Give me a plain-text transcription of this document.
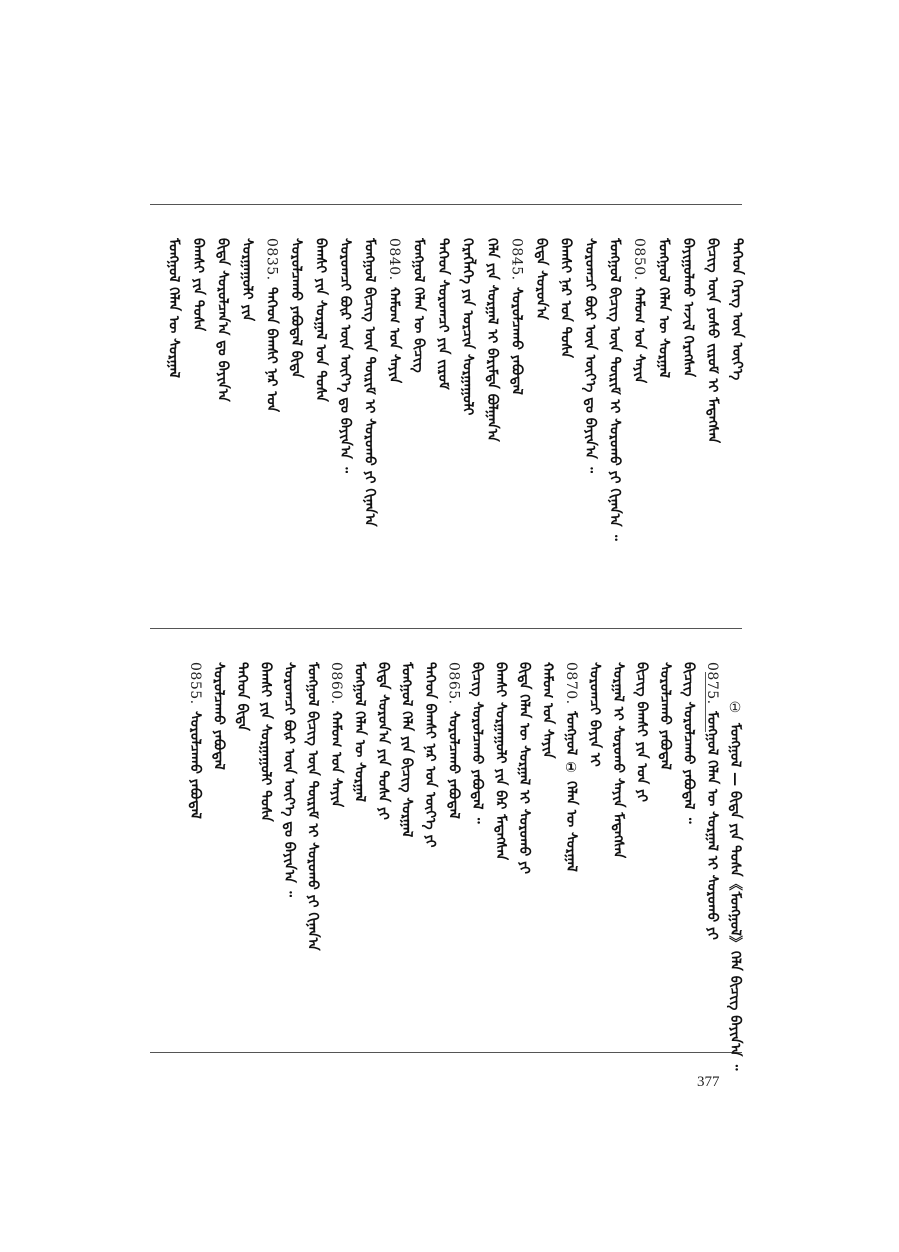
ᠲᠡᠭᠡᠳ ᠬᠡᠷᠡᠭ ᠦᠨ ᠦᠶ᠎ᠡ
ᠪᠢᠴᠢᠭ᠌ ᠦᠨ ᠶᠣᠰᠣ ᠵᠢᠷᠤᠮ ᠢ ᠮᠡᠳᠡᠭᠰᠡᠨ
ᠪᠠᠶᠢᠭᠤᠯᠬᠤ ᠠᠵᠢᠯ ᠬᠡᠷᠡᠭᠰᠡᠨ
ᠮᠣᠩᠭᠣᠯ ᠬᠡᠯᠡᠨ ᠦ ᠰᠤᠷᠭᠠᠯ
0850.
ᠬᠠᠮᠤᠭ ᠤᠨ ᠰᠠᠶᠢᠨ
ᠮᠣᠩᠭᠣᠯ ᠪᠢᠴᠢᠭ ᠦᠨ ᠳᠦᠷᠢᠮ ᠢ ᠰᠤᠷᠤᠬᠤ ᠶᠢ ᠬᠢᠨᠠᠨ᠎ᠠ ᠃
ᠰᠤᠷᠤᠭᠴᠢ ᠪᠦᠷ ᠦᠨ ᠦᠶ᠎ᠡ ᠳᠤ ᠪᠠᠶᠢᠨ᠎ᠠ ᠃
ᠪᠠᠭᠰᠢ ᠨᠠᠷ ᠤᠨ ᠲᠤᠰᠠ
ᠪᠢᠳᠡ ᠰᠤᠷᠤᠨ᠎ᠠ
0845.
ᠰᠤᠷᠤᠯᠴᠠᠬᠤ ᠶᠠᠪᠤᠳᠠᠯ
ᠬᠡᠯᠡ ᠶᠢᠨ ᠰᠤᠷᠭᠠᠯ ᠢ ᠪᠠᠷᠢᠮᠲᠠ ᠪᠣᠯᠭᠠᠨ᠎ᠠ
ᠬᠡᠷᠡᠭᠯᠡᠭᠡ ᠶᠢᠨ ᠤᠷᠴᠢᠨ ᠰᠤᠷᠭᠠᠭᠤᠯᠢ
ᠲᠡᠭᠡᠳ ᠰᠤᠷᠤᠭᠴᠢ ᠶᠢᠨ ᠵᠢᠷᠤᠮ
ᠮᠣᠩᠭᠣᠯ ᠬᠡᠯᠡᠨ ᠦ ᠪᠢᠴᠢᠭ
0840.
ᠬᠠᠮᠤᠭ ᠤᠨ ᠰᠠᠶᠢᠨ
ᠮᠣᠩᠭᠣᠯ ᠪᠢᠴᠢᠭ ᠦᠨ ᠳᠦᠷᠢᠮ ᠢ ᠰᠤᠷᠤᠬᠤ ᠶᠢ ᠬᠢᠨᠠᠨ᠎ᠠ
ᠰᠤᠷᠤᠭᠴᠢ ᠪᠦᠷ ᠦᠨ ᠦᠶ᠎ᠡ ᠳᠤ ᠪᠠᠶᠢᠨ᠎ᠠ ᠃
ᠪᠠᠭᠰᠢ ᠶᠢᠨ ᠰᠤᠷᠭᠠᠯ ᠤᠨ ᠲᠤᠰᠠ
ᠰᠤᠷᠤᠯᠴᠠᠬᠤ ᠶᠠᠪᠤᠳᠠᠯ ᠪᠢᠳᠡ
0835.
ᠲᠡᠭᠡᠳ ᠪᠠᠭᠰᠢ ᠨᠠᠷ ᠤᠨ
ᠰᠤᠷᠭᠠᠭᠤᠯᠢ ᠶᠢᠨ
ᠪᠢᠳᠡ ᠰᠤᠷᠤᠯᠴᠠᠨ᠎ᠠ ᠳᠤ ᠪᠠᠶᠢᠨ᠎ᠠ
ᠪᠠᠭᠰᠢ ᠶᠢᠨ ᠲᠤᠰᠠ
ᠮᠣᠩᠭᠣᠯ ᠬᠡᠯᠡᠨ ᠦ ᠰᠤᠷᠭᠠᠯ
0875.
ᠮᠣᠩᠭᠣᠯ ᠬᠡᠯᠡᠨ ᠦ ᠰᠤᠷᠭᠠᠯ ᠢ ᠰᠤᠷᠤᠬᠤ ᠶᠢ
ᠪᠢᠴᠢᠭ᠌ ᠰᠤᠷᠤᠯᠴᠠᠬᠤ ᠶᠠᠪᠤᠳᠠᠯ ᠃
ᠰᠤᠷᠤᠯᠴᠠᠬᠤ ᠶᠠᠪᠤᠳᠠᠯ
ᠪᠢᠴᠢᠭ᠌ ᠪᠠᠭᠰᠢ ᠶᠢᠨ ᠤᠨ ᠶᠢ
ᠰᠤᠷᠭᠠᠯ ᠢ ᠰᠤᠷᠤᠬᠤ ᠰᠠᠶᠢᠨ ᠮᠡᠳᠡᠭᠰᠡᠨ
ᠰᠤᠷᠤᠭᠴᠢ ᠪᠠᠶᠢᠨ ᠢ
0870.
ᠮᠣᠩᠭᠣᠯ ① ᠬᠡᠯᠡᠨ ᠦ ᠰᠤᠷᠭᠠᠯ
ᠬᠠᠮᠤᠭ ᠤᠨ ᠰᠠᠶᠢᠨ
ᠪᠢᠳᠡ ᠬᠡᠯᠡᠨ ᠦ ᠰᠤᠷᠭᠠᠯ ᠢ ᠰᠤᠷᠤᠬᠤ ᠶᠢ
ᠪᠠᠭᠰᠢ ᠰᠤᠷᠭᠠᠭᠤᠯᠢ ᠶᠢᠨ ᠪᠠᠷ ᠮᠡᠳᠡᠭᠰᠡᠨ
ᠪᠢᠴᠢᠭ᠌ ᠰᠤᠷᠤᠯᠴᠠᠬᠤ ᠶᠠᠪᠤᠳᠠᠯ ᠃
0865.
ᠰᠤᠷᠤᠯᠴᠠᠬᠤ ᠶᠠᠪᠤᠳᠠᠯ
ᠲᠡᠭᠡᠳ ᠪᠠᠭᠰᠢ ᠨᠠᠷ ᠤᠨ ᠦᠶ᠎ᠡ ᠶᠢ
ᠮᠣᠩᠭᠣᠯ ᠬᠡᠯᠡ ᠶᠢᠨ ᠪᠢᠴᠢᠭ᠌ ᠰᠤᠷᠭᠠᠯ
ᠪᠢᠳᠡ ᠰᠤᠷᠤᠨ᠎ᠠ ᠶᠢᠨ ᠲᠤᠰᠠ ᠶᠢ
ᠮᠣᠩᠭᠣᠯ ᠬᠡᠯᠡᠨ ᠦ ᠰᠤᠷᠭᠠᠯ
0860.
ᠬᠠᠮᠤᠭ ᠤᠨ ᠰᠠᠶᠢᠨ
ᠮᠣᠩᠭᠣᠯ ᠪᠢᠴᠢᠭ ᠦᠨ ᠳᠦᠷᠢᠮ ᠢ ᠰᠤᠷᠤᠬᠤ ᠶᠢ ᠬᠢᠨᠠᠨ᠎ᠠ
ᠰᠤᠷᠤᠭᠴᠢ ᠪᠦᠷ ᠦᠨ ᠦᠶ᠎ᠡ ᠳᠤ ᠪᠠᠶᠢᠨ᠎ᠠ ᠃
ᠪᠠᠭᠰᠢ ᠶᠢᠨ ᠰᠤᠷᠭᠠᠭᠤᠯᠢ ᠲᠤᠰᠠ
ᠲᠡᠭᠡᠳ ᠪᠢᠳᠡ
ᠰᠤᠷᠤᠯᠴᠠᠬᠤ ᠶᠠᠪᠤᠳᠠᠯ
0855.
ᠰᠤᠷᠤᠯᠴᠠᠬᠤ ᠶᠠᠪᠤᠳᠠᠯ
①
ᠮᠣᠩᠭᠣᠯ — ᠪᠢᠳᠡ ᠶᠢᠨ ᠲᠤᠰᠠ《ᠮᠣᠩᠭᠣᠯ》ᠬᠡᠯᠡ ᠪᠢᠴᠢᠭ᠌ ᠪᠠᠶᠢᠨ᠎ᠠ ᠃
377
